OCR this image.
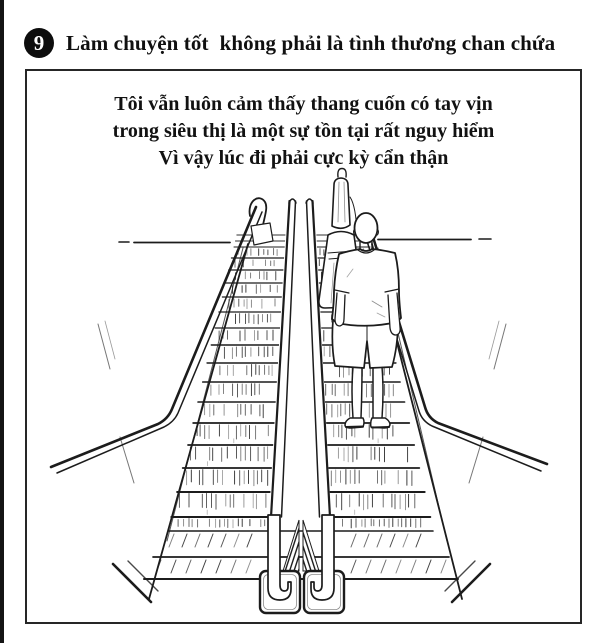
9 Làm chuyện tốt không phải là tình thương chan chứa
Tôi vẫn luôn cảm thấy thang cuốn có tay vịn
trong siêu thị là một sự tồn tại rất nguy hiểm
Vì vậy lúc đi phải cực kỳ cẩn thận
